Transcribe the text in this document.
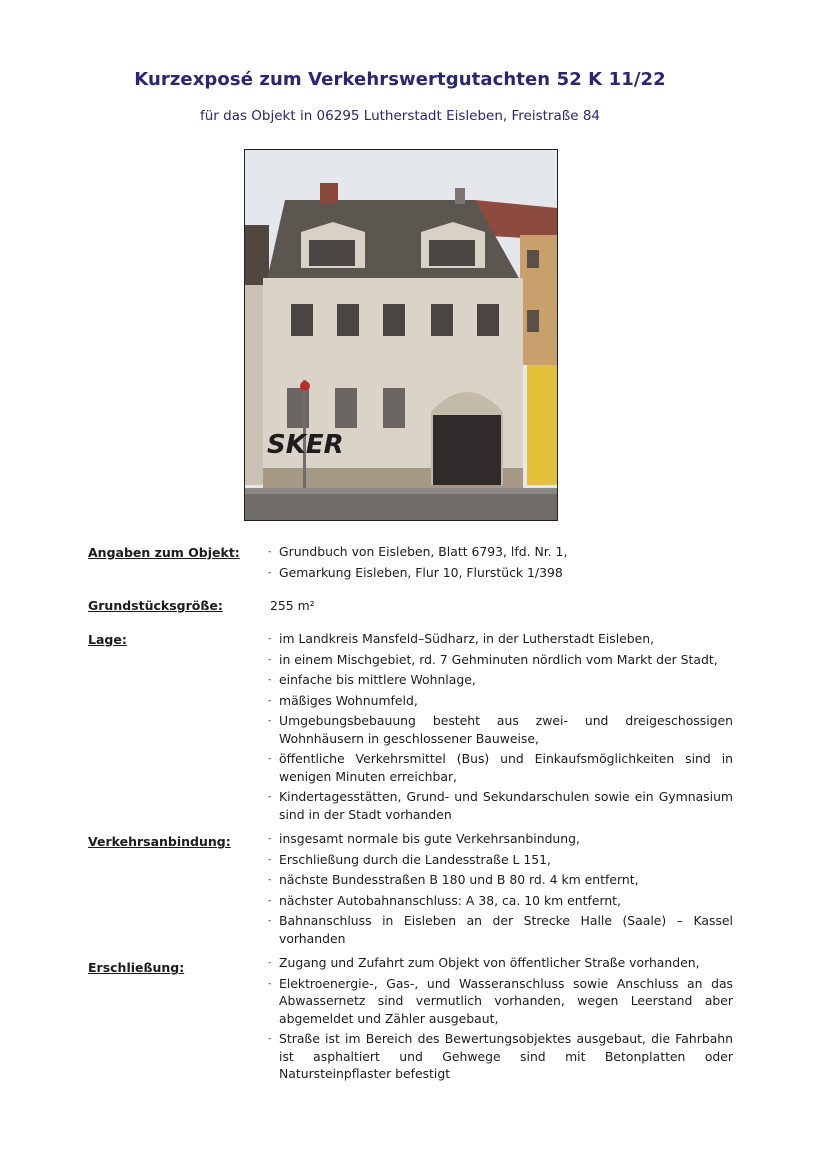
Kurzexposé zum Verkehrswertgutachten 52 K 11/22
für das Objekt in 06295 Lutherstadt Eisleben, Freistraße 84
SKER
Angaben zum Objekt:	- Grundbuch von Eisleben, Blatt 6793, lfd. Nr. 1,
- Gemarkung Eisleben, Flur 10, Flurstück 1/398
Grundstücksgröße:	255 m²
Lage:	- im Landkreis Mansfeld–Südharz, in der Lutherstadt Eisleben,
- in einem Mischgebiet, rd. 7 Gehminuten nördlich vom Markt der Stadt,
- einfache bis mittlere Wohnlage,
- mäßiges Wohnumfeld,
- Umgebungsbebauung besteht aus zwei- und dreigeschossigen Wohnhäusern in geschlossener Bauweise,
- öffentliche Verkehrsmittel (Bus) und Einkaufsmöglichkeiten sind in wenigen Minuten erreichbar,
- Kindertagesstätten, Grund- und Sekundarschulen sowie ein Gymnasium sind in der Stadt vorhanden
Verkehrsanbindung:	- insgesamt normale bis gute Verkehrsanbindung,
- Erschließung durch die Landesstraße L 151,
- nächste Bundesstraßen B 180 und B 80 rd. 4 km entfernt,
- nächster Autobahnanschluss: A 38, ca. 10 km entfernt,
- Bahnanschluss in Eisleben an der Strecke Halle (Saale) – Kassel vorhanden
Erschließung:	- Zugang und Zufahrt zum Objekt von öffentlicher Straße vorhanden,
- Elektroenergie-, Gas-, und Wasseranschluss sowie Anschluss an das Abwassernetz sind vermutlich vorhanden, wegen Leerstand aber abgemeldet und Zähler ausgebaut,
- Straße ist im Bereich des Bewertungsobjektes ausgebaut, die Fahrbahn ist asphaltiert und Gehwege sind mit Betonplatten oder Natursteinpflaster befestigt
